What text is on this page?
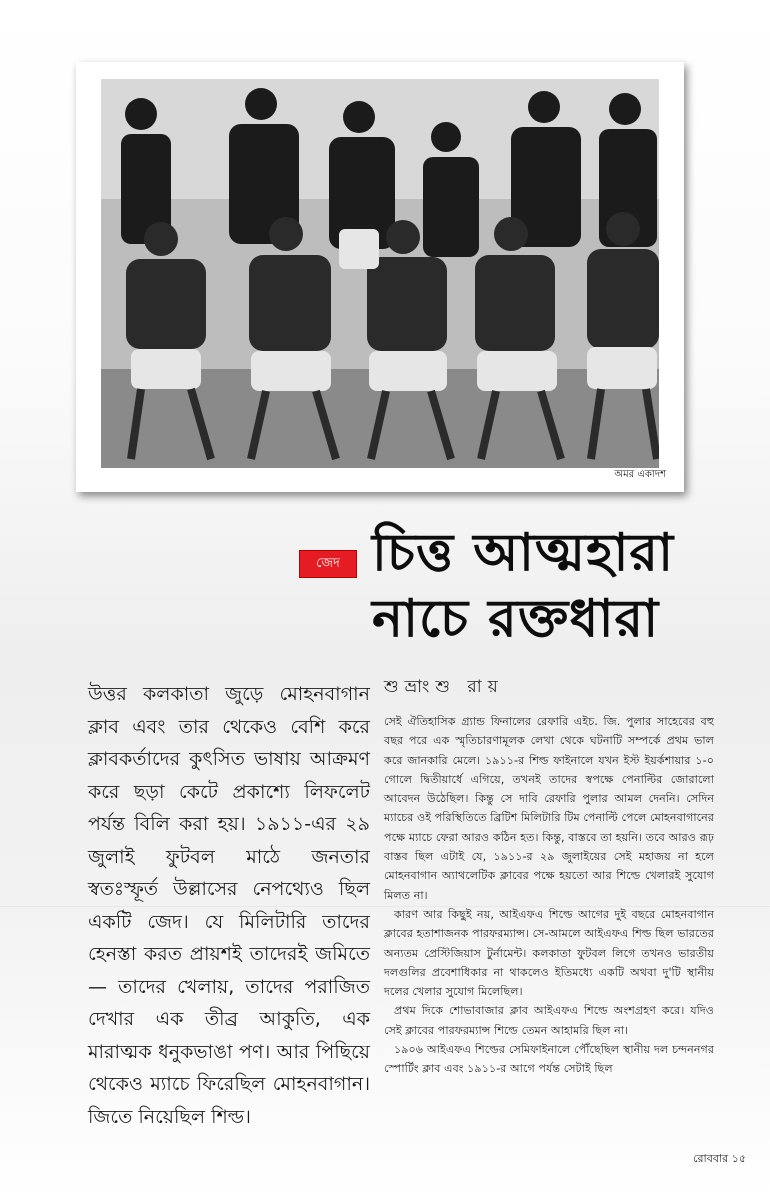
অমর একাদশ
জেদ চিত্ত আত্মহারা
নাচে রক্তধারা
শুভ্রাংশু রায়

উত্তর কলকাতা জুড়ে মোহনবাগান ক্লাব এবং তার থেকেও বেশি করে ক্লাবকর্তাদের কুৎসিত ভাষায় আক্রমণ করে ছড়া কেটে প্রকাশ্যে লিফলেট পর্যন্ত বিলি করা হয়। ১৯১১-এর ২৯ জুলাই ফুটবল মাঠে জনতার স্বতঃস্ফূর্ত উল্লাসের নেপথ্যেও ছিল একটি জেদ। যে মিলিটারি তাদের হেনস্তা করত প্রায়শই তাদেরই জমিতে— তাদের খেলায়, তাদের পরাজিত দেখার এক তীব্র আকুতি, এক মারাত্মক ধনুকভাঙা পণ। আর পিছিয়ে থেকেও ম্যাচে ফিরেছিল মোহনবাগান। জিতে নিয়েছিল শিল্ড।

সেই ঐতিহাসিক গ্র্যান্ড ফিনালের রেফারি এইচ. জি. পুলার সাহেবের বহু বছর পরে এক স্মৃতিচারণামূলক লেখা থেকে ঘটনাটি সম্পর্কে প্রথম ভাল করে জানকারি মেলে। ১৯১১-র শিল্ড ফাইনালে যখন ইস্ট ইয়র্কশায়ার ১-০ গোলে দ্বিতীয়ার্ধে এগিয়ে, তখনই তাদের স্বপক্ষে পেনাল্টির জোরালো আবেদন উঠেছিল। কিন্তু সে দাবি রেফারি পুলার আমল দেননি। সেদিন ম্যাচের ওই পরিস্থিতিতে ব্রিটিশ মিলিটারি টিম পেনাল্টি পেলে মোহনবাগানের পক্ষে ম্যাচে ফেরা আরও কঠিন হত। কিন্তু, বাস্তবে তা হয়নি। তবে আরও রূঢ় বাস্তব ছিল এটাই যে, ১৯১১-র ২৯ জুলাইয়ের সেই মহাজয় না হলে মোহনবাগান অ্যাথলেটিক ক্লাবের পক্ষে হয়তো আর শিল্ডে খেলারই সুযোগ মিলত না।

কারণ আর কিছুই নয়, আইএফএ শিল্ডে আগের দুই বছরে মোহনবাগান ক্লাবের হতাশাজনক পারফরম্যান্স। সে-আমলে আইএফএ শিল্ড ছিল ভারতের অন্যতম প্রেস্টিজিয়াস টুর্নামেন্ট। কলকাতা ফুটবল লিগে তখনও ভারতীয় দলগুলির প্রবেশাধিকার না থাকলেও ইতিমধ্যে একটি অথবা দু'টি স্থানীয় দলের খেলার সুযোগ মিলেছিল।

প্রথম দিকে শোভাবাজার ক্লাব আইএফএ শিল্ডে অংশগ্রহণ করে। যদিও সেই ক্লাবের পারফরম্যান্স শিল্ডে তেমন আহামরি ছিল না।

১৯০৬ আইএফএ শিল্ডের সেমিফাইনালে পৌঁছেছিল স্থানীয় দল চন্দননগর স্পোর্টিং ক্লাব এবং ১৯১১-র আগে পর্যন্ত সেটাই ছিল

রোববার ১৫
